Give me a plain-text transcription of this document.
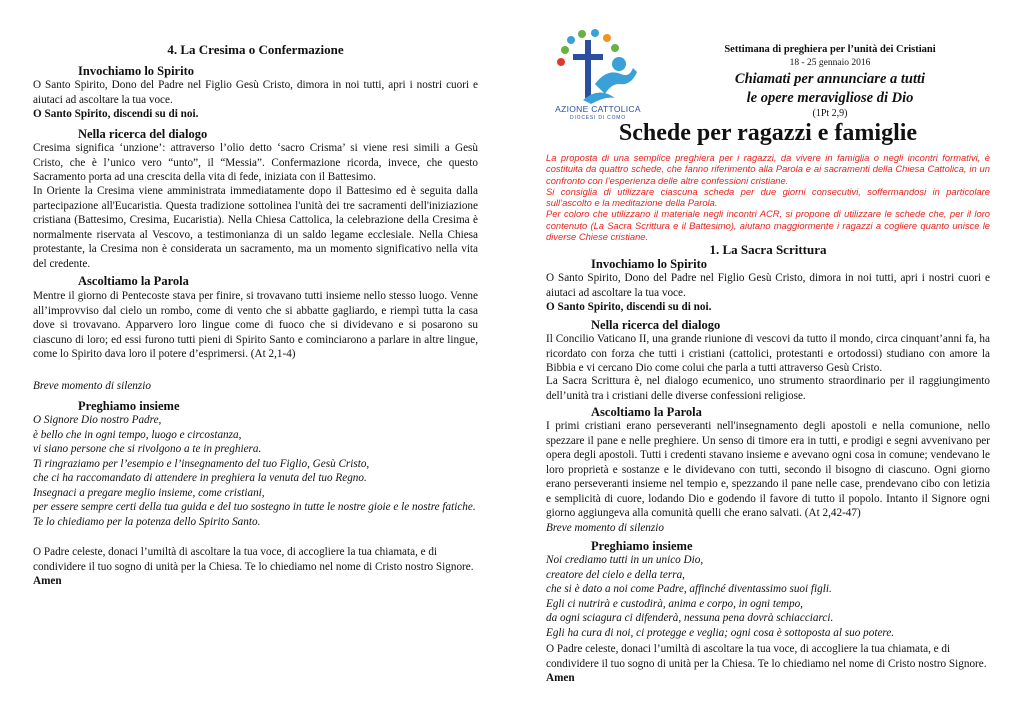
4. La Cresima o Confermazione
Invochiamo lo Spirito

O Santo Spirito, Dono del Padre nel Figlio Gesù Cristo, dimora in noi tutti, apri i nostri cuori e aiutaci ad ascoltare la tua voce.

O Santo Spirito, discendi su di noi.

Nella ricerca del dialogo

Cresima significa ‘unzione’: attraverso l’olio detto ‘sacro Crisma’ si viene resi simili a Gesù Cristo, che è l’unico vero “unto”, il “Messia”. Confermazione ricorda, invece, che questo Sacramento porta ad una crescita della vita di fede, iniziata con il Battesimo.

In Oriente la Cresima viene amministrata immediatamente dopo il Battesimo ed è seguita dalla partecipazione all'Eucaristia. Questa tradizione sottolinea l'unità dei tre sacramenti dell'iniziazione cristiana (Battesimo, Cresima, Eucaristia). Nella Chiesa Cattolica, la celebrazione della Cresima è normalmente riservata al Vescovo, a testimonianza di un saldo legame ecclesiale. Nella Chiesa protestante, la Cresima non è considerata un sacramento, ma un momento significativo nella vita del credente.

Ascoltiamo la Parola

Mentre il giorno di Pentecoste stava per finire, si trovavano tutti insieme nello stesso luogo. Venne all’improvviso dal cielo un rombo, come di vento che si abbatte gagliardo, e riempì tutta la casa dove si trovavano. Apparvero loro lingue come di fuoco che si dividevano e si posarono su ciascuno di loro; ed essi furono tutti pieni di Spirito Santo e cominciarono a parlare in altre lingue, come lo Spirito dava loro il potere d’esprimersi. (At 2,1-4)

Breve momento di silenzio

Preghiamo insieme
O Signore Dio nostro Padre,
è bello che in ogni tempo, luogo e circostanza,
vi siano persone che si rivolgono a te in preghiera.
Ti ringraziamo per l’esempio e l’insegnamento del tuo Figlio, Gesù Cristo,
che ci ha raccomandato di attendere in preghiera la venuta del tuo Regno.
Insegnaci a pregare meglio insieme, come cristiani,
per essere sempre certi della tua guida e del tuo sostegno in tutte le nostre gioie e le nostre fatiche.
Te lo chiediamo per la potenza dello Spirito Santo.

O Padre celeste, donaci l’umiltà di ascoltare la tua voce, di accogliere la tua chiamata, e di condividere il tuo sogno di unità per la Chiesa. Te lo chiediamo nel nome di Cristo nostro Signore. Amen

AZIONE CATTOLICA
DIOCESI DI COMO
Settimana di preghiera per l’unità dei Cristiani
18 - 25 gennaio 2016
Chiamati per annunciare a tutti
le opere meravigliose di Dio
(1Pt 2,9)
Schede per ragazzi e famiglie
La proposta di una semplice preghiera per i ragazzi, da vivere in famiglia o negli incontri formativi, è costituita da quattro schede, che fanno riferimento alla Parola e ai sacramenti della Chiesa Cattolica, in un confronto con l’esperienza delle altre confessioni cristiane.
Si consiglia di utilizzare ciascuna scheda per due giorni consecutivi, soffermandosi in particolare sull’ascolto e la meditazione della Parola.
Per coloro che utilizzano il materiale negli incontri ACR, si propone di utilizzare le schede che, per il loro contenuto (La Sacra Scrittura e il Battesimo), aiutano maggiormente i ragazzi a cogliere quanto unisce le diverse Chiese cristiane.
1. La Sacra Scrittura
Invochiamo lo Spirito

O Santo Spirito, Dono del Padre nel Figlio Gesù Cristo, dimora in noi tutti, apri i nostri cuori e aiutaci ad ascoltare la tua voce.

O Santo Spirito, discendi su di noi.

Nella ricerca del dialogo

Il Concilio Vaticano II, una grande riunione di vescovi da tutto il mondo, circa cinquant’anni fa, ha ricordato con forza che tutti i cristiani (cattolici, protestanti e ortodossi) studiano con amore la Bibbia e vi cercano Dio come colui che parla a tutti attraverso Gesù Cristo.

La Sacra Scrittura è, nel dialogo ecumenico, uno strumento straordinario per il raggiungimento dell’unità tra i cristiani delle diverse confessioni religiose.

Ascoltiamo la Parola

I primi cristiani erano perseveranti nell'insegnamento degli apostoli e nella comunione, nello spezzare il pane e nelle preghiere. Un senso di timore era in tutti, e prodigi e segni avvenivano per opera degli apostoli. Tutti i credenti stavano insieme e avevano ogni cosa in comune; vendevano le loro proprietà e sostanze e le dividevano con tutti, secondo il bisogno di ciascuno. Ogni giorno erano perseveranti insieme nel tempio e, spezzando il pane nelle case, prendevano cibo con letizia e semplicità di cuore, lodando Dio e godendo il favore di tutto il popolo. Intanto il Signore ogni giorno aggiungeva alla comunità quelli che erano salvati. (At 2,42-47)

Breve momento di silenzio

Preghiamo insieme
Noi crediamo tutti in un unico Dio,
creatore del cielo e della terra,
che si è dato a noi come Padre, affinché diventassimo suoi figli.
Egli ci nutrirà e custodirà, anima e corpo, in ogni tempo,
da ogni sciagura ci difenderà, nessuna pena dovrà schiacciarci.
Egli ha cura di noi, ci protegge e veglia; ogni cosa è sottoposta al suo potere.

O Padre celeste, donaci l’umiltà di ascoltare la tua voce, di accogliere la tua chiamata, e di condividere il tuo sogno di unità per la Chiesa. Te lo chiediamo nel nome di Cristo nostro Signore. Amen
